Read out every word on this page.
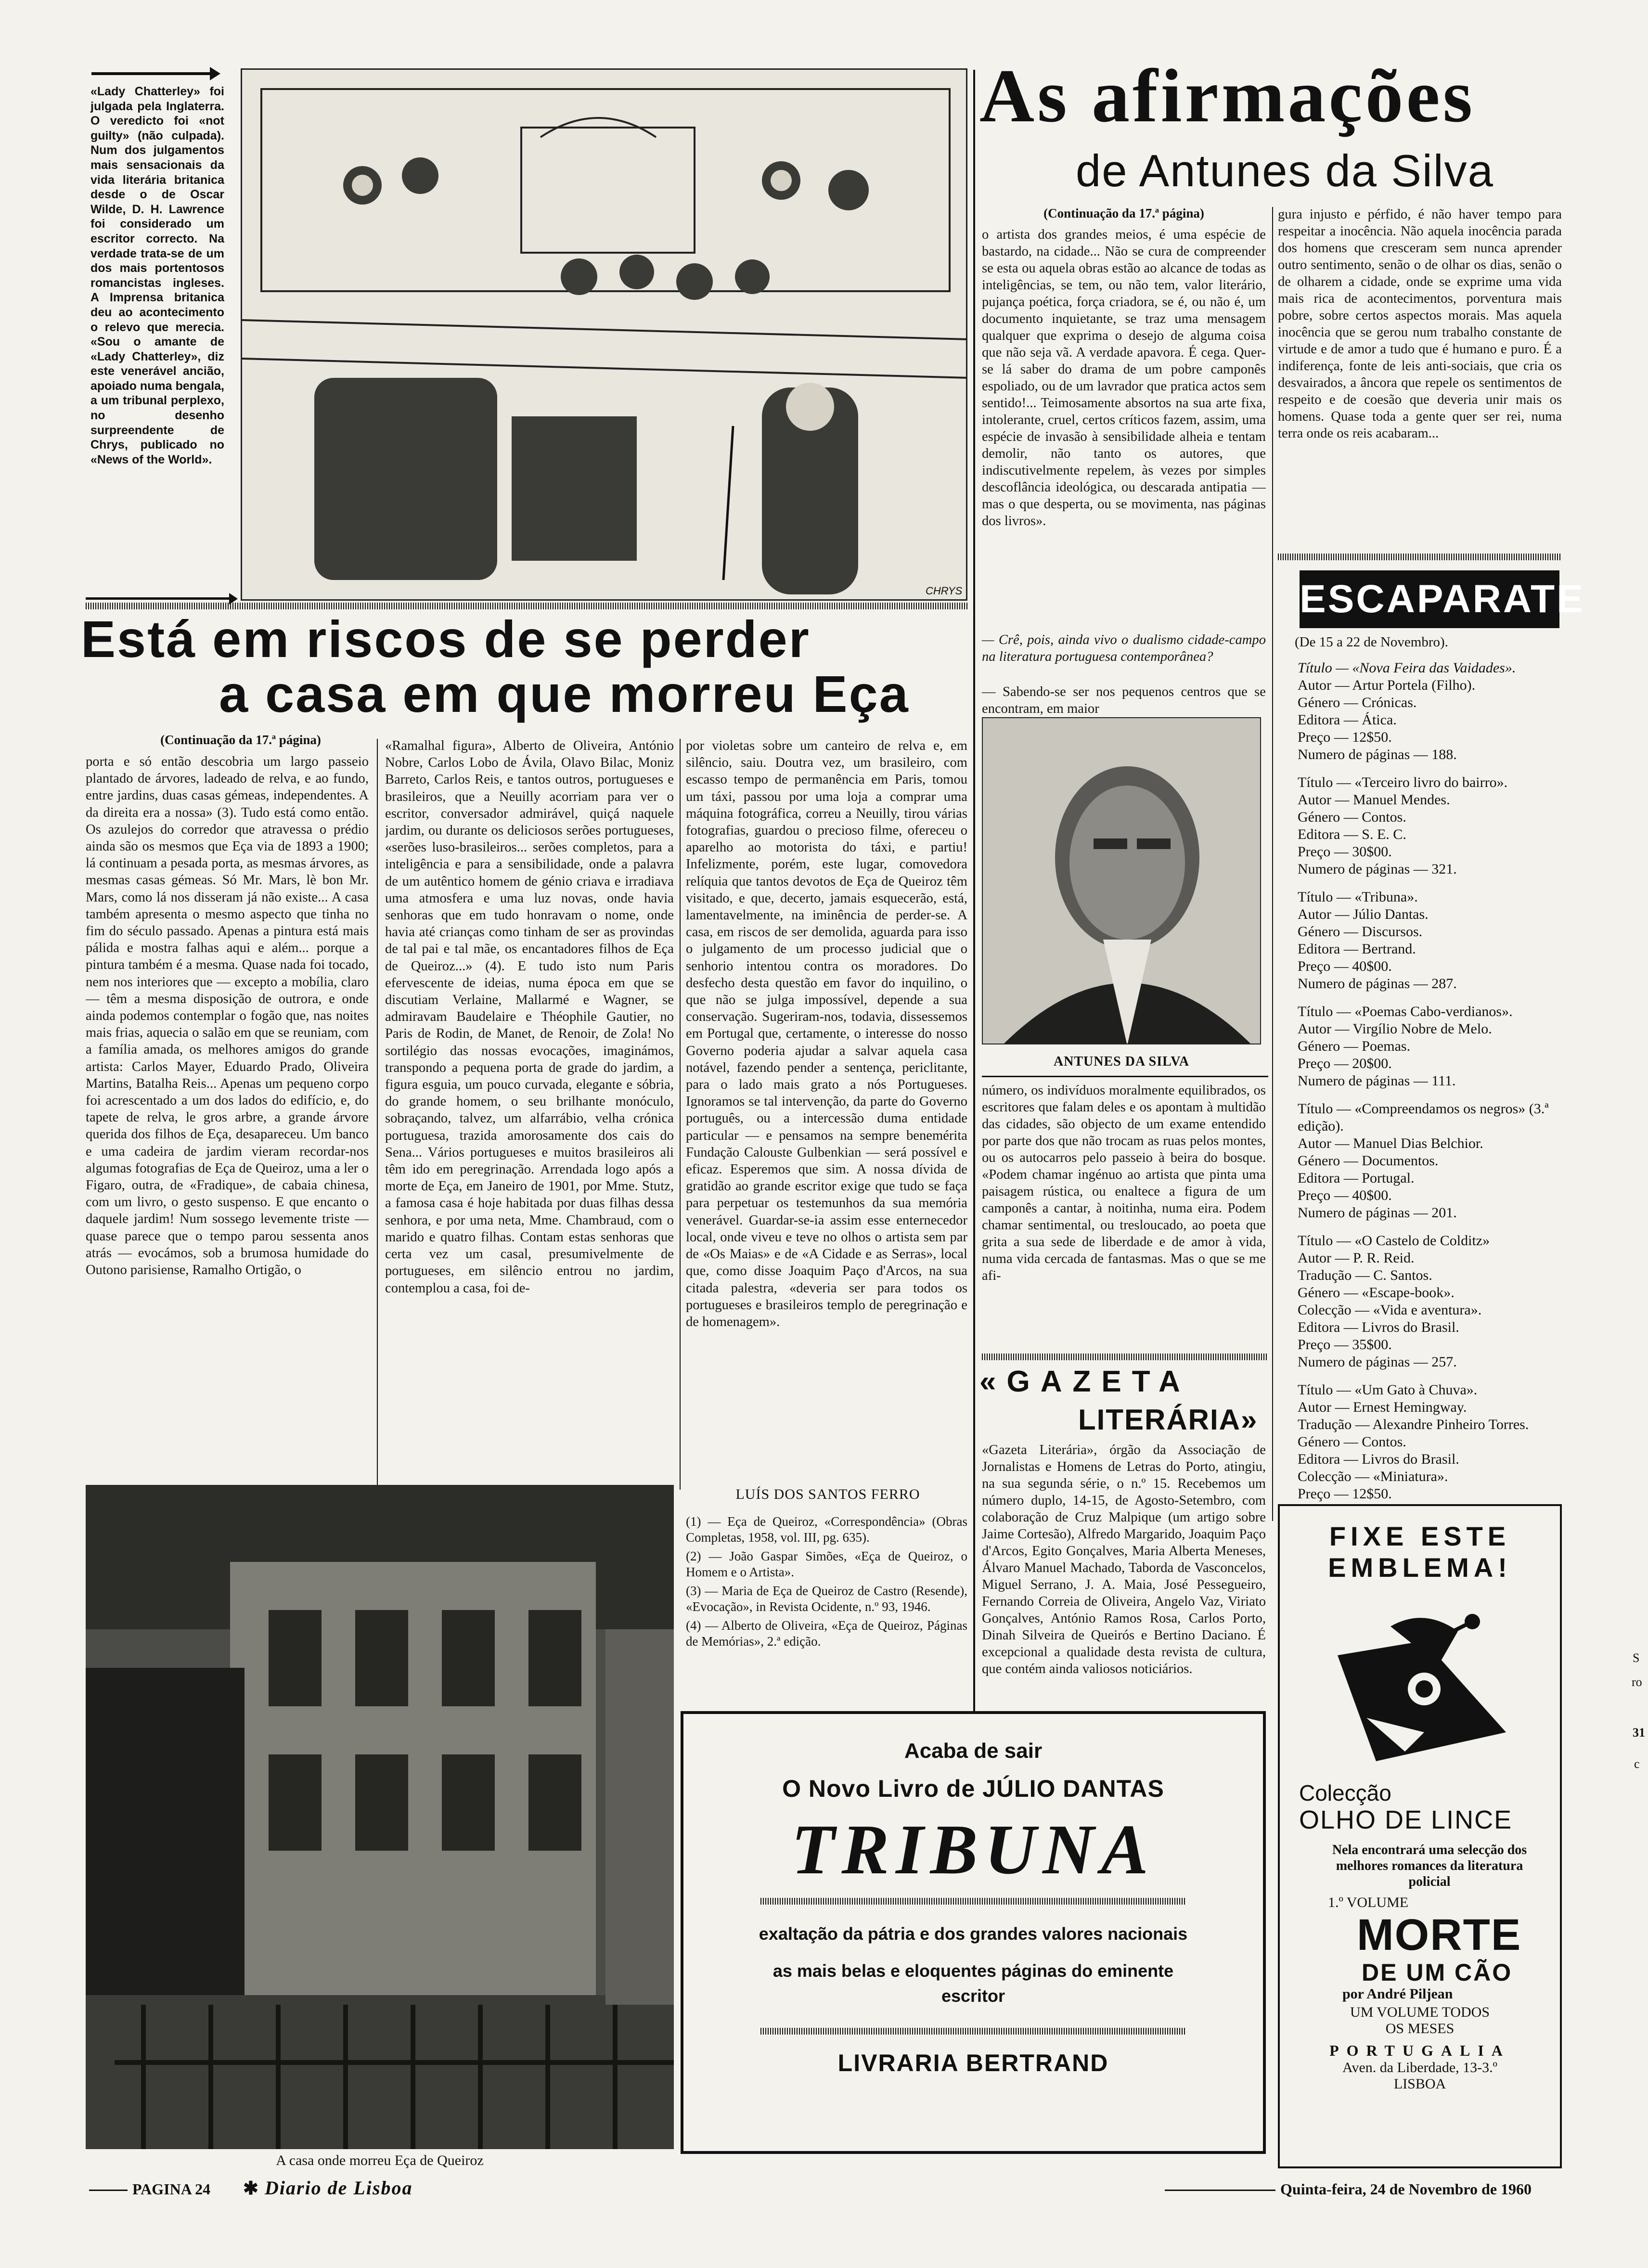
«Lady Chatterley» foi julgada pela Inglaterra. O veredicto foi «not guilty» (não culpada). Num dos julgamentos mais sensacionais da vida literária britanica desde o de Oscar Wilde, D. H. Lawrence foi considerado um escritor correcto. Na verdade trata-se de um dos mais portentosos romancistas ingleses. A Imprensa britanica deu ao acontecimento o relevo que merecia. «Sou o amante de «Lady Chatterley», diz este venerável ancião, apoiado numa bengala, a um tribunal perplexo, no desenho surpreendente de Chrys, publicado no «News of the World».
CHRYS
Está em riscos de se perder
a casa em que morreu Eça
(Continuação da 17.ª página)
porta e só então descobria um largo passeio plantado de árvores, ladeado de relva, e ao fundo, entre jardins, duas casas gémeas, independentes. A da direita era a nossa» (3). Tudo está como então. Os azulejos do corredor que atravessa o prédio ainda são os mesmos que Eça via de 1893 a 1900; lá continuam a pesada porta, as mesmas árvores, as mesmas casas gémeas. Só Mr. Mars, lè bon Mr. Mars, como lá nos disseram já não existe... A casa também apresenta o mesmo aspecto que tinha no fim do século passado. Apenas a pintura está mais pálida e mostra falhas aqui e além... porque a pintura também é a mesma. Quase nada foi tocado, nem nos interiores que — excepto a mobília, claro — têm a mesma disposição de outrora, e onde ainda podemos contemplar o fogão que, nas noites mais frias, aquecia o salão em que se reuniam, com a família amada, os melhores amigos do grande artista: Carlos Mayer, Eduardo Prado, Oliveira Martins, Batalha Reis... Apenas um pequeno corpo foi acrescentado a um dos lados do edifício, e, do tapete de relva, le gros arbre, a grande árvore querida dos filhos de Eça, desapareceu. Um banco e uma cadeira de jardim vieram recordar-nos algumas fotografias de Eça de Queiroz, uma a ler o Figaro, outra, de «Fradique», de cabaia chinesa, com um livro, o gesto suspenso. E que encanto o daquele jardim! Num sossego levemente triste — quase parece que o tempo parou sessenta anos atrás — evocámos, sob a brumosa humidade do Outono parisiense, Ramalho Ortigão, o
«Ramalhal figura», Alberto de Oliveira, António Nobre, Carlos Lobo de Ávila, Olavo Bilac, Moniz Barreto, Carlos Reis, e tantos outros, portugueses e brasileiros, que a Neuilly acorriam para ver o escritor, conversador admirável, quiçá naquele jardim, ou durante os deliciosos serões portugueses, «serões luso-brasileiros... serões completos, para a inteligência e para a sensibilidade, onde a palavra de um autêntico homem de génio criava e irradiava uma atmosfera e uma luz novas, onde havia senhoras que em tudo honravam o nome, onde havia até crianças como tinham de ser as provindas de tal pai e tal mãe, os encantadores filhos de Eça de Queiroz...» (4). E tudo isto num Paris efervescente de ideias, numa época em que se discutiam Verlaine, Mallarmé e Wagner, se admiravam Baudelaire e Théophile Gautier, no Paris de Rodin, de Manet, de Renoir, de Zola! No sortilégio das nossas evocações, imaginámos, transpondo a pequena porta de grade do jardim, a figura esguia, um pouco curvada, elegante e sóbria, do grande homem, o seu brilhante monóculo, sobraçando, talvez, um alfarrábio, velha crónica portuguesa, trazida amorosamente dos cais do Sena... Vários portugueses e muitos brasileiros ali têm ido em peregrinação. Arrendada logo após a morte de Eça, em Janeiro de 1901, por Mme. Stutz, a famosa casa é hoje habitada por duas filhas dessa senhora, e por uma neta, Mme. Chambraud, com o marido e quatro filhas. Contam estas senhoras que certa vez um casal, presumivelmente de portugueses, em silêncio entrou no jardim, contemplou a casa, foi de-
por violetas sobre um canteiro de relva e, em silêncio, saiu. Doutra vez, um brasileiro, com escasso tempo de permanência em Paris, tomou um táxi, passou por uma loja a comprar uma máquina fotográfica, correu a Neuilly, tirou várias fotografias, guardou o precioso filme, ofereceu o aparelho ao motorista do táxi, e partiu! Infelizmente, porém, este lugar, comovedora relíquia que tantos devotos de Eça de Queiroz têm visitado, e que, decerto, jamais esquecerão, está, lamentavelmente, na iminência de perder-se. A casa, em riscos de ser demolida, aguarda para isso o julgamento de um processo judicial que o senhorio intentou contra os moradores. Do desfecho desta questão em favor do inquilino, o que não se julga impossível, depende a sua conservação. Sugeriram-nos, todavia, dissessemos em Portugal que, certamente, o interesse do nosso Governo poderia ajudar a salvar aquela casa notável, fazendo pender a sentença, periclitante, para o lado mais grato a nós Portugueses. Ignoramos se tal intervenção, da parte do Governo português, ou a intercessão duma entidade particular — e pensamos na sempre benemérita Fundação Calouste Gulbenkian — será possível e eficaz. Esperemos que sim. A nossa dívida de gratidão ao grande escritor exige que tudo se faça para perpetuar os testemunhos da sua memória venerável. Guardar-se-ia assim esse enternecedor local, onde viveu e teve no olhos o artista sem par de «Os Maias» e de «A Cidade e as Serras», local que, como disse Joaquim Paço d'Arcos, na sua citada palestra, «deveria ser para todos os portugueses e brasileiros templo de peregrinação e de homenagem».
LUÍS DOS SANTOS FERRO
(1) — Eça de Queiroz, «Correspondência» (Obras Completas, 1958, vol. III, pg. 635).
(2) — João Gaspar Simões, «Eça de Queiroz, o Homem e o Artista».
(3) — Maria de Eça de Queiroz de Castro (Resende), «Evocação», in Revista Ocidente, n.º 93, 1946.
(4) — Alberto de Oliveira, «Eça de Queiroz, Páginas de Memórias», 2.ª edição.
A casa onde morreu Eça de Queiroz
As afirmações
de Antunes da Silva
(Continuação da 17.ª página)
o artista dos grandes meios, é uma espécie de bastardo, na cidade... Não se cura de compreender se esta ou aquela obras estão ao alcance de todas as inteligências, se tem, ou não tem, valor literário, pujança poética, força criadora, se é, ou não é, um documento inquietante, se traz uma mensagem qualquer que exprima o desejo de alguma coisa que não seja vã. A verdade apavora. É cega. Quer-se lá saber do drama de um pobre camponês espoliado, ou de um lavrador que pratica actos sem sentido!... Teimosamente absortos na sua arte fixa, intolerante, cruel, certos críticos fazem, assim, uma espécie de invasão à sensibilidade alheia e tentam demolir, não tanto os autores, que indiscutivelmente repelem, às vezes por simples descoflância ideológica, ou descarada antipatia — mas o que desperta, ou se movimenta, nas páginas dos livros».
— Crê, pois, ainda vivo o dualismo cidade-campo na literatura portuguesa contemporânea?
— Sabendo-se ser nos pequenos centros que se encontram, em maior
gura injusto e pérfido, é não haver tempo para respeitar a inocência. Não aquela inocência parada dos homens que cresceram sem nunca aprender outro sentimento, senão o de olhar os dias, senão o de olharem a cidade, onde se exprime uma vida mais rica de acontecimentos, porventura mais pobre, sobre certos aspectos morais. Mas aquela inocência que se gerou num trabalho constante de virtude e de amor a tudo que é humano e puro. É a indiferença, fonte de leis anti-sociais, que cria os desvairados, a âncora que repele os sentimentos de respeito e de coesão que deveria unir mais os homens. Quase toda a gente quer ser rei, numa terra onde os reis acabaram...
ANTUNES DA SILVA
número, os indivíduos moralmente equilibrados, os escritores que falam deles e os apontam à multidão das cidades, são objecto de um exame entendido por parte dos que não trocam as ruas pelos montes, ou os autocarros pelo passeio à beira do bosque. «Podem chamar ingénuo ao artista que pinta uma paisagem rústica, ou enaltece a figura de um camponês a cantar, à noitinha, numa eira. Podem chamar sentimental, ou tresloucado, ao poeta que grita a sua sede de liberdade e de amor à vida, numa vida cercada de fantasmas. Mas o que se me afi-
«GAZETA
LITERÁRIA»
«Gazeta Literária», órgão da Associação de Jornalistas e Homens de Letras do Porto, atingiu, na sua segunda série, o n.º 15. Recebemos um número duplo, 14-15, de Agosto-Setembro, com colaboração de Cruz Malpique (um artigo sobre Jaime Cortesão), Alfredo Margarido, Joaquim Paço d'Arcos, Egito Gonçalves, Maria Alberta Meneses, Álvaro Manuel Machado, Taborda de Vasconcelos, Miguel Serrano, J. A. Maia, José Pessegueiro, Fernando Correia de Oliveira, Angelo Vaz, Viriato Gonçalves, António Ramos Rosa, Carlos Porto, Dinah Silveira de Queirós e Bertino Daciano. É excepcional a qualidade desta revista de cultura, que contém ainda valiosos noticiários.
ESCAPARATE
(De 15 a 22 de Novembro).
Título — «Nova Feira das Vaidades».
Autor — Artur Portela (Filho).
Género — Crónicas.
Editora — Ática.
Preço — 12$50.
Numero de páginas — 188.
Título — «Terceiro livro do bairro».
Autor — Manuel Mendes.
Género — Contos.
Editora — S. E. C.
Preço — 30$00.
Numero de páginas — 321.
Título — «Tribuna».
Autor — Júlio Dantas.
Género — Discursos.
Editora — Bertrand.
Preço — 40$00.
Numero de páginas — 287.
Título — «Poemas Cabo-verdianos».
Autor — Virgílio Nobre de Melo.
Género — Poemas.
Preço — 20$00.
Numero de páginas — 111.
Título — «Compreendamos os negros» (3.ª edição).
Autor — Manuel Dias Belchior.
Género — Documentos.
Editora — Portugal.
Preço — 40$00.
Numero de páginas — 201.
Título — «O Castelo de Colditz»
Autor — P. R. Reid.
Tradução — C. Santos.
Género — «Escape-book».
Colecção — «Vida e aventura».
Editora — Livros do Brasil.
Preço — 35$00.
Numero de páginas — 257.
Título — «Um Gato à Chuva».
Autor — Ernest Hemingway.
Tradução — Alexandre Pinheiro Torres.
Género — Contos.
Editora — Livros do Brasil.
Colecção — «Miniatura».
Preço — 12$50.
FIXE ESTE
EMBLEMA!
Colecção
OLHO DE LINCE
Nela encontrará uma selecção dos melhores romances da literatura policial
1.º VOLUME
MORTE
DE UM CÃO
por André Piljean
UM VOLUME TODOS
OS MESES
PORTUGALIA
Aven. da Liberdade, 13-3.º
LISBOA
Acaba de sair
O Novo Livro de JÚLIO DANTAS
TRIBUNA
exaltação da pátria e dos grandes valores nacionais
as mais belas e eloquentes páginas do eminente escritor
LIVRARIA BERTRAND
PAGINA 24 ✱ Diario de Lisboa	Quinta-feira, 24 de Novembro de 1960
S
ro
31
c
